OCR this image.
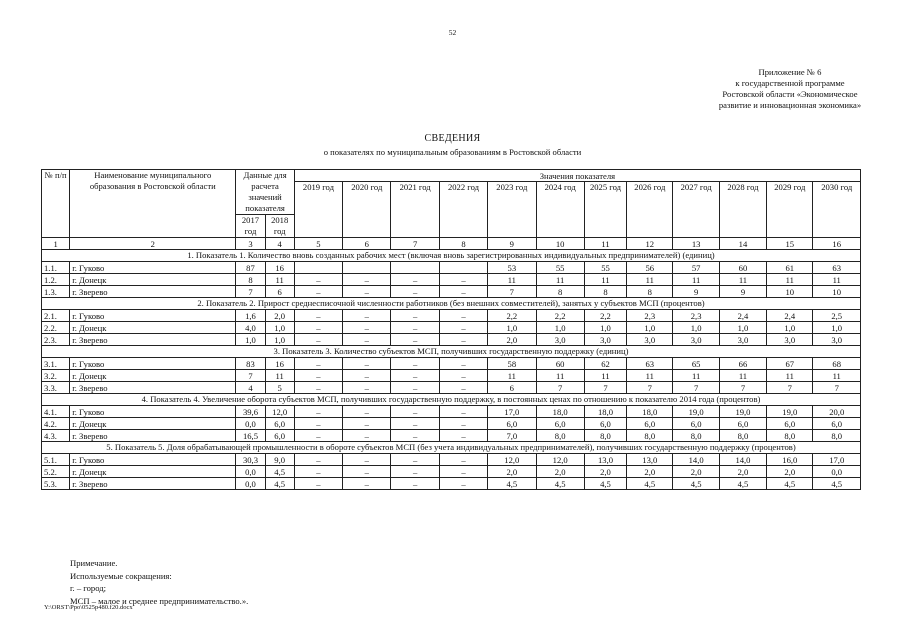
52
Приложение № 6
к государственной программе
Ростовской области «Экономическое
развитие и инновационная экономика»
СВЕДЕНИЯ
о показателях по муниципальным образованиям в Ростовской области
№ п/п	Наименование муниципального образования в Ростовской области	Данные для расчета значений показателя		Значения показателя											
				2019 год	2020 год	2021 год	2022 год	2023 год	2024 год	2025 год	2026 год	2027 год	2028 год	2029 год	2030 год
		2017 год	2018 год												
1	2	3	4	5	6	7	8	9	10	11	12	13	14	15	16
1. Показатель 1. Количество вновь созданных рабочих мест (включая вновь зарегистрированных индивидуальных предпринимателей) (единиц)															
1.1.	г. Гуково	87	16					53	55	55	56	57	60	61	63
1.2.	г. Донецк	8	11	–	–	–	–	11	11	11	11	11	11	11	11
1.3.	г. Зверево	7	6	–	–	–	–	7	8	8	8	9	9	10	10
2. Показатель 2. Прирост среднесписочной численности работников (без внешних совместителей), занятых у субъектов МСП (процентов)															
2.1.	г. Гуково	1,6	2,0	–	–	–	–	2,2	2,2	2,2	2,3	2,3	2,4	2,4	2,5
2.2.	г. Донецк	4,0	1,0	–	–	–	–	1,0	1,0	1,0	1,0	1,0	1,0	1,0	1,0
2.3.	г. Зверево	1,0	1,0	–	–	–	–	2,0	3,0	3,0	3,0	3,0	3,0	3,0	3,0
3. Показатель 3. Количество субъектов МСП, получивших государственную поддержку (единиц)															
3.1.	г. Гуково	83	16	–	–	–	–	58	60	62	63	65	66	67	68
3.2.	г. Донецк	7	11	–	–	–	–	11	11	11	11	11	11	11	11
3.3.	г. Зверево	4	5	–	–	–	–	6	7	7	7	7	7	7	7
4. Показатель 4. Увеличение оборота субъектов МСП, получивших государственную поддержку, в постоянных ценах по отношению к показателю 2014 года (процентов)															
4.1.	г. Гуково	39,6	12,0	–	–	–	–	17,0	18,0	18,0	18,0	19,0	19,0	19,0	20,0
4.2.	г. Донецк	0,0	6,0	–	–	–	–	6,0	6,0	6,0	6,0	6,0	6,0	6,0	6,0
4.3.	г. Зверево	16,5	6,0	–	–	–	–	7,0	8,0	8,0	8,0	8,0	8,0	8,0	8,0
5. Показатель 5. Доля обрабатывающей промышленности в обороте субъектов МСП (без учета индивидуальных предпринимателей), получивших государственную поддержку (процентов)															
5.1.	г. Гуково	30,3	9,0	–	–	–	–	12,0	12,0	13,0	13,0	14,0	14,0	16,0	17,0
5.2.	г. Донецк	0,0	4,5	–	–	–	–	2,0	2,0	2,0	2,0	2,0	2,0	2,0	0,0
5.3.	г. Зверево	0,0	4,5	–	–	–	–	4,5	4,5	4,5	4,5	4,5	4,5	4,5	4,5
Примечание.
Используемые сокращения:
г. – город;
МСП – малое и среднее предпринимательство.».
Y:\ORST\Ppo\0525p480.f20.docx
